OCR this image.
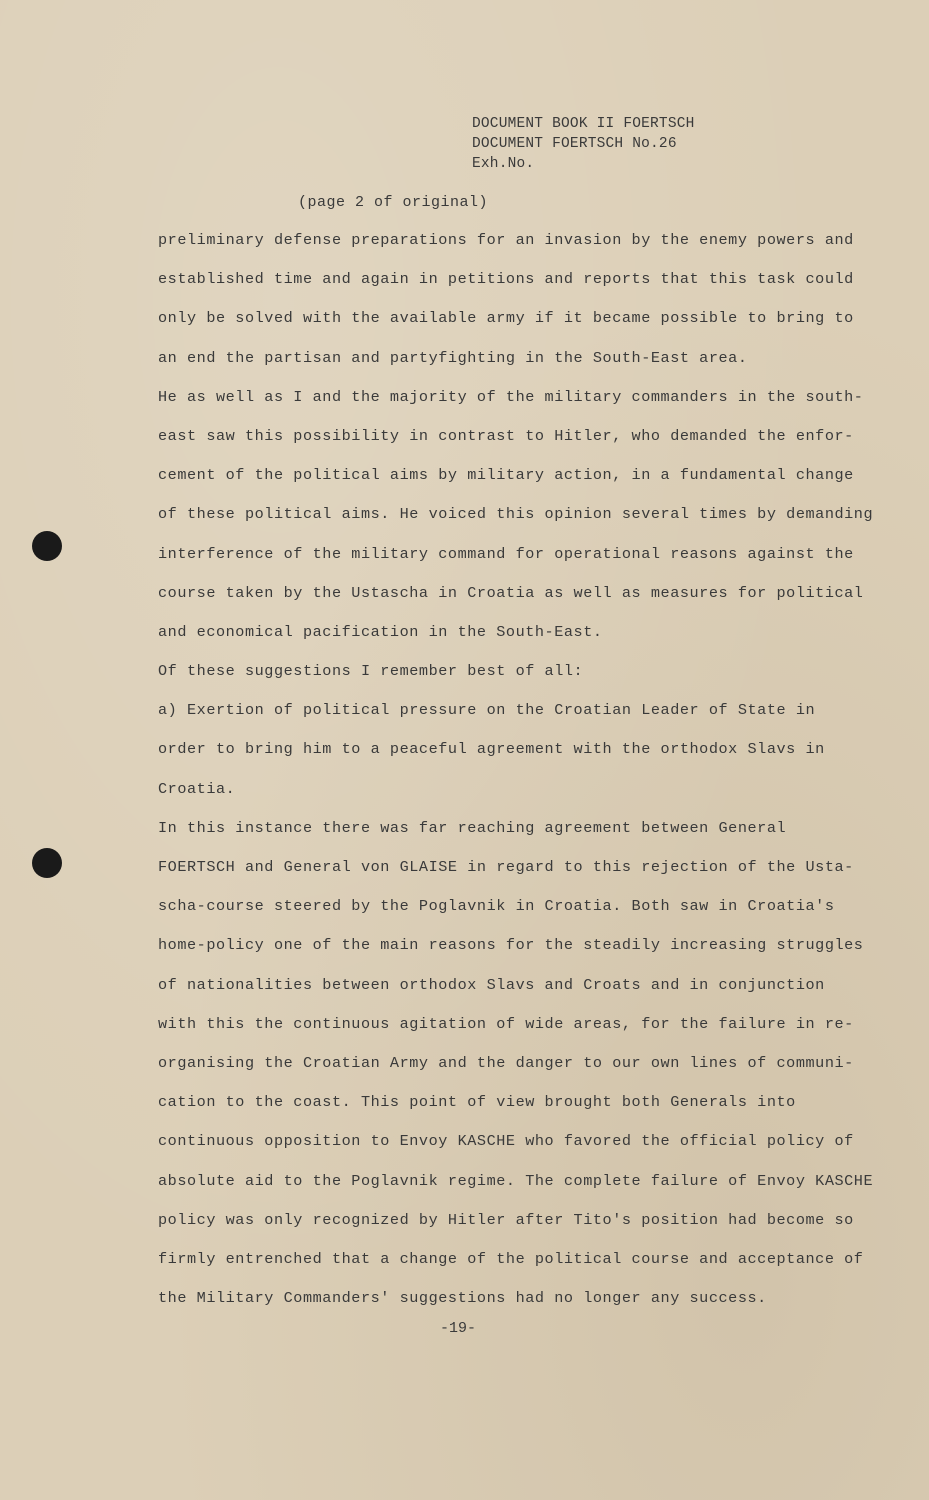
DOCUMENT BOOK II FOERTSCH
DOCUMENT FOERTSCH No.26
Exh.No.
(page 2 of original)
preliminary defense preparations for an invasion by the enemy powers and
established time and again in petitions and reports that this task could
only be solved with the available army if it became possible to bring to
an end the partisan and partyfighting in the South-East area.
He as well as I and the majority of the military commanders in the south-
east saw this possibility in contrast to Hitler, who demanded the enfor-
cement of the political aims by military action, in a fundamental change
of these political aims. He voiced this opinion several times by demanding
interference of the military command for operational reasons against the
course taken by the Ustascha in Croatia as well as measures for political
and economical pacification in the South-East.
Of these suggestions I remember best of all:
a) Exertion of political pressure on the Croatian Leader of State in
order to bring him to a peaceful agreement with the orthodox Slavs in
Croatia.
In this instance there was far reaching agreement between General
FOERTSCH and General von GLAISE in regard to this rejection of the Usta-
scha-course steered by the Poglavnik in Croatia. Both saw in Croatia's
home-policy one of the main reasons for the steadily increasing struggles
of nationalities between orthodox Slavs and Croats and in conjunction
with this the continuous agitation of wide areas, for the failure in re-
organising the Croatian Army and the danger to our own lines of communi-
cation to the coast. This point of view brought both Generals into
continuous opposition to Envoy KASCHE who favored the official policy of
absolute aid to the Poglavnik regime. The complete failure of Envoy KASCHE
policy was only recognized by Hitler after Tito's position had become so
firmly entrenched that a change of the political course and acceptance of
the Military Commanders' suggestions had no longer any success.
-19-
